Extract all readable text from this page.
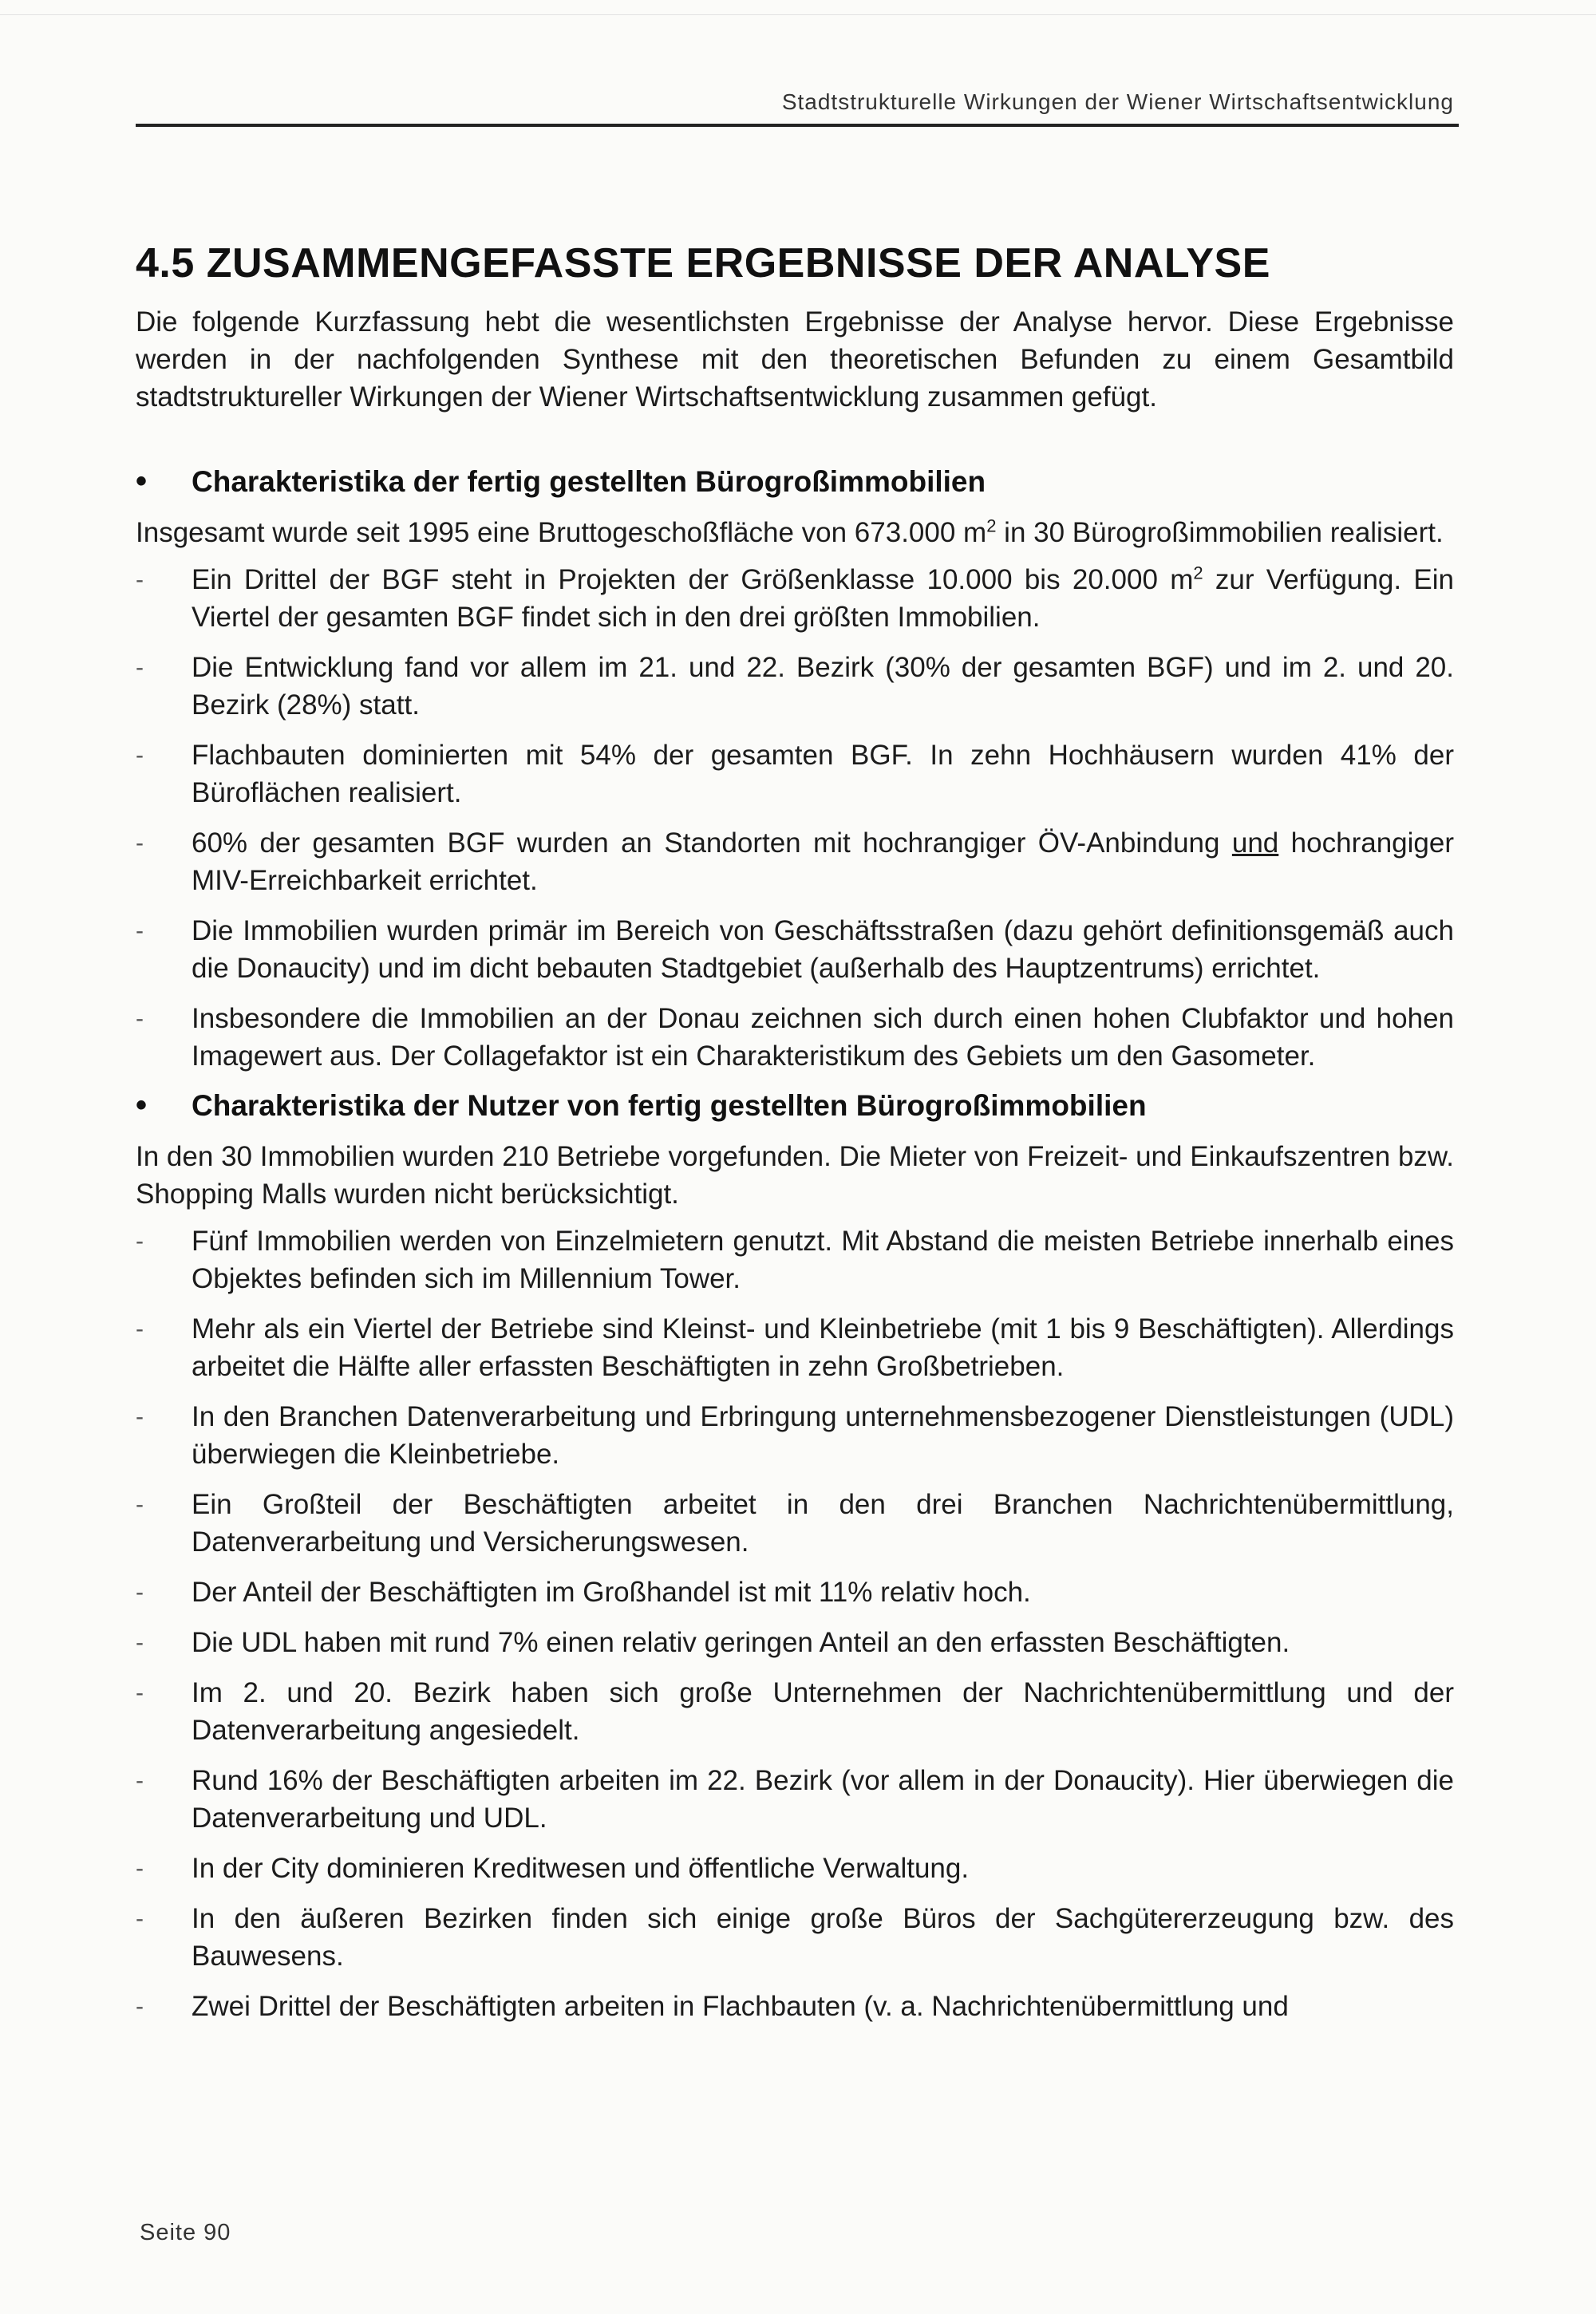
Stadtstrukturelle Wirkungen der Wiener Wirtschaftsentwicklung
4.5 ZUSAMMENGEFASSTE ERGEBNISSE DER ANALYSE

Die folgende Kurzfassung hebt die wesentlichsten Ergebnisse der Analyse hervor. Diese Ergebnisse werden in der nachfolgenden Synthese mit den theoretischen Befunden zu einem Gesamtbild stadtstruktureller Wirkungen der Wiener Wirtschaftsentwicklung zusammen gefügt.

•	Charakteristika der fertig gestellten Bürogroßimmobilien

Insgesamt wurde seit 1995 eine Bruttogeschoßfläche von 673.000 $m^2$ in 30 Bürogroßimmobilien realisiert.

-	Ein Drittel der BGF steht in Projekten der Größenklasse 10.000 bis 20.000 $m^2$ zur Verfügung. Ein Viertel der gesamten BGF findet sich in den drei größten Immobilien.
-	Die Entwicklung fand vor allem im 21. und 22. Bezirk (30% der gesamten BGF) und im 2. und 20. Bezirk (28%) statt.
-	Flachbauten dominierten mit 54% der gesamten BGF. In zehn Hochhäusern wurden 41% der Büroflächen realisiert.
-	60% der gesamten BGF wurden an Standorten mit hochrangiger ÖV-Anbindung und hochrangiger MIV-Erreichbarkeit errichtet.
-	Die Immobilien wurden primär im Bereich von Geschäftsstraßen (dazu gehört definitionsgemäß auch die Donaucity) und im dicht bebauten Stadtgebiet (außerhalb des Hauptzentrums) errichtet.
-	Insbesondere die Immobilien an der Donau zeichnen sich durch einen hohen Clubfaktor und hohen Imagewert aus. Der Collagefaktor ist ein Charakteristikum des Gebiets um den Gasometer.
•	Charakteristika der Nutzer von fertig gestellten Bürogroßimmobilien

In den 30 Immobilien wurden 210 Betriebe vorgefunden. Die Mieter von Freizeit- und Einkaufszentren bzw. Shopping Malls wurden nicht berücksichtigt.

-	Fünf Immobilien werden von Einzelmietern genutzt. Mit Abstand die meisten Betriebe innerhalb eines Objektes befinden sich im Millennium Tower.
-	Mehr als ein Viertel der Betriebe sind Kleinst- und Kleinbetriebe (mit 1 bis 9 Beschäftigten). Allerdings arbeitet die Hälfte aller erfassten Beschäftigten in zehn Großbetrieben.
-	In den Branchen Datenverarbeitung und Erbringung unternehmensbezogener Dienstleistungen (UDL) überwiegen die Kleinbetriebe.
-	Ein Großteil der Beschäftigten arbeitet in den drei Branchen Nachrichtenübermittlung, Datenverarbeitung und Versicherungswesen.
-	Der Anteil der Beschäftigten im Großhandel ist mit 11% relativ hoch.
-	Die UDL haben mit rund 7% einen relativ geringen Anteil an den erfassten Beschäftigten.
-	Im 2. und 20. Bezirk haben sich große Unternehmen der Nachrichtenübermittlung und der Datenverarbeitung angesiedelt.
-	Rund 16% der Beschäftigten arbeiten im 22. Bezirk (vor allem in der Donaucity). Hier überwiegen die Datenverarbeitung und UDL.
-	In der City dominieren Kreditwesen und öffentliche Verwaltung.
-	In den äußeren Bezirken finden sich einige große Büros der Sachgütererzeugung bzw. des Bauwesens.
-	Zwei Drittel der Beschäftigten arbeiten in Flachbauten (v. a. Nachrichtenübermittlung und
Seite 90
